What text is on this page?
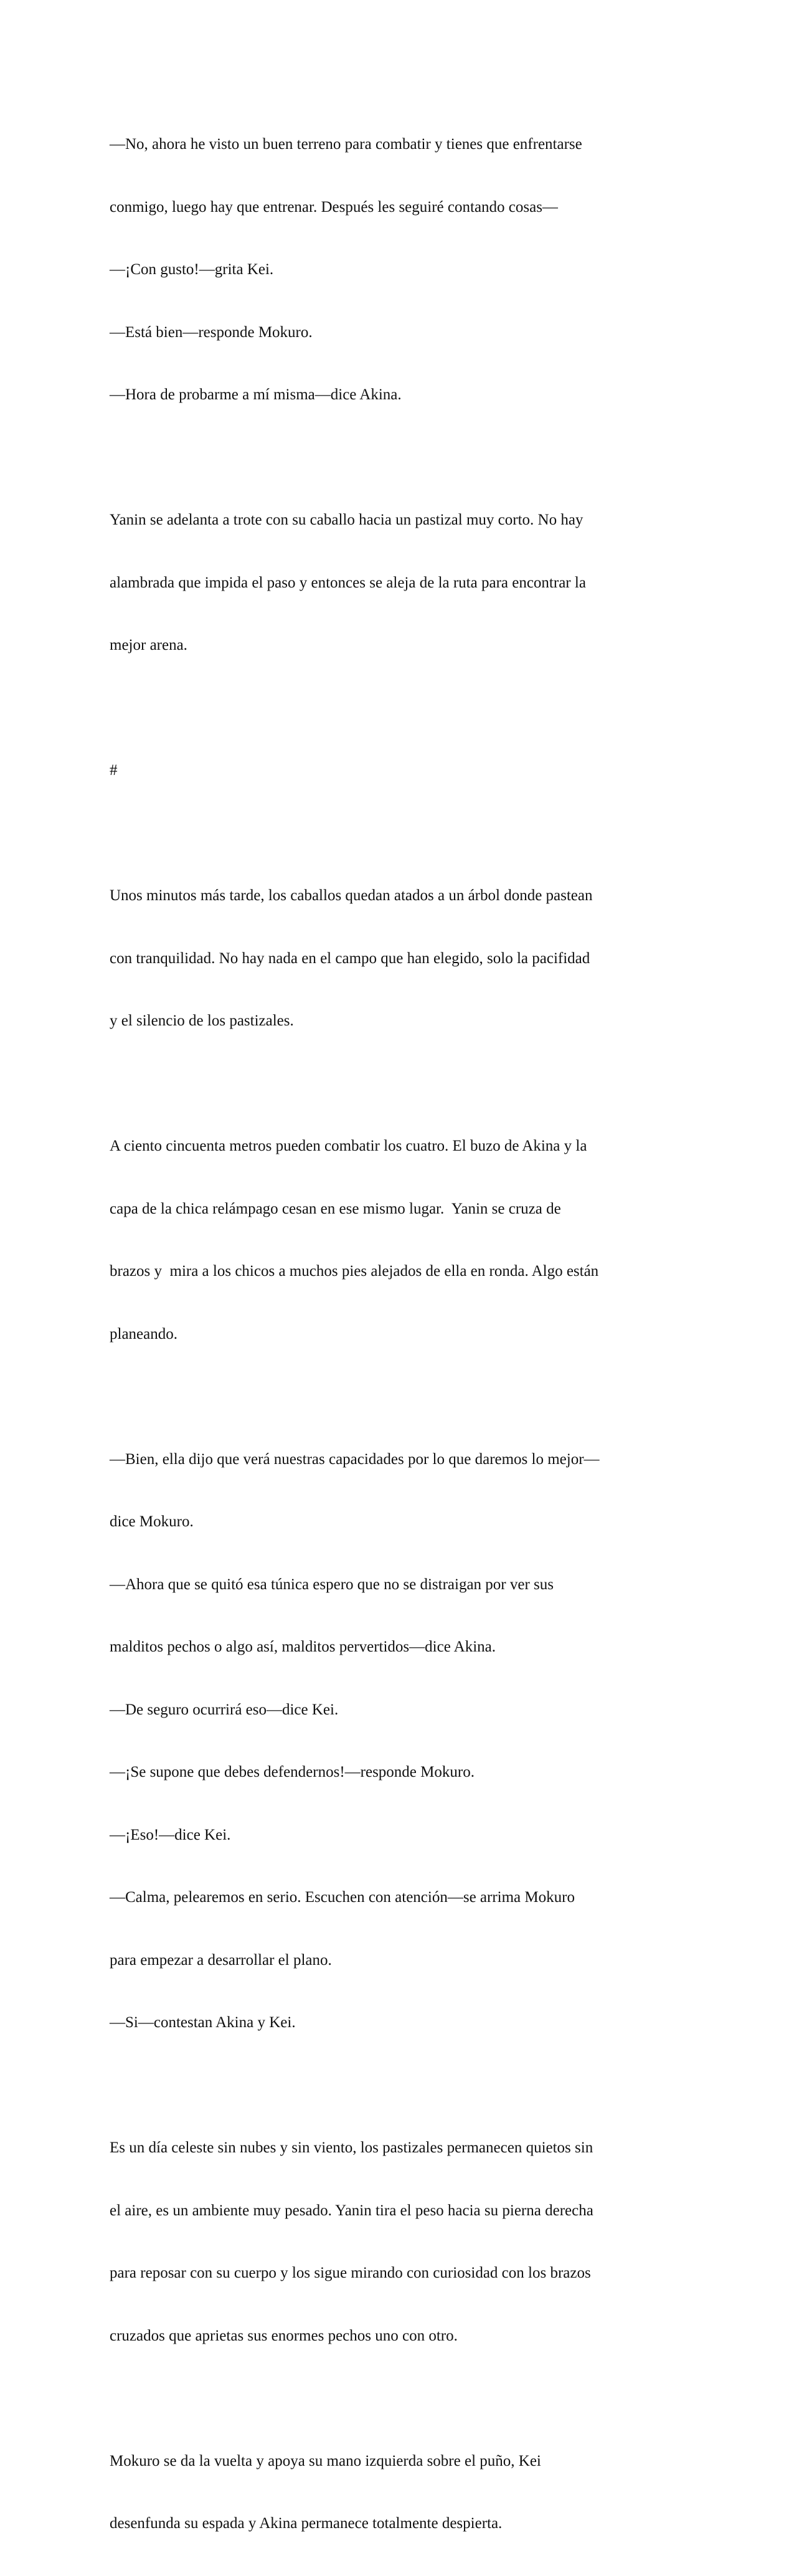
—No, ahora he visto un buen terreno para combatir y tienes que enfrentarse

conmigo, luego hay que entrenar. Después les seguiré contando cosas—

—¡Con gusto!—grita Kei.

—Está bien—responde Mokuro.

—Hora de probarme a mí misma—dice Akina.

Yanin se adelanta a trote con su caballo hacia un pastizal muy corto. No hay

alambrada que impida el paso y entonces se aleja de la ruta para encontrar la

mejor arena.

#

Unos minutos más tarde, los caballos quedan atados a un árbol donde pastean

con tranquilidad. No hay nada en el campo que han elegido, solo la pacifidad

y el silencio de los pastizales.

A ciento cincuenta metros pueden combatir los cuatro. El buzo de Akina y la

capa de la chica relámpago cesan en ese mismo lugar.  Yanin se cruza de

brazos y  mira a los chicos a muchos pies alejados de ella en ronda. Algo están

planeando.

—Bien, ella dijo que verá nuestras capacidades por lo que daremos lo mejor—

dice Mokuro.

—Ahora que se quitó esa túnica espero que no se distraigan por ver sus

malditos pechos o algo así, malditos pervertidos—dice Akina.

—De seguro ocurrirá eso—dice Kei.

—¡Se supone que debes defendernos!—responde Mokuro.

—¡Eso!—dice Kei.

—Calma, pelearemos en serio. Escuchen con atención—se arrima Mokuro

para empezar a desarrollar el plano.

—Si—contestan Akina y Kei.

Es un día celeste sin nubes y sin viento, los pastizales permanecen quietos sin

el aire, es un ambiente muy pesado. Yanin tira el peso hacia su pierna derecha

para reposar con su cuerpo y los sigue mirando con curiosidad con los brazos

cruzados que aprietas sus enormes pechos uno con otro.

Mokuro se da la vuelta y apoya su mano izquierda sobre el puño, Kei

desenfunda su espada y Akina permanece totalmente despierta.
